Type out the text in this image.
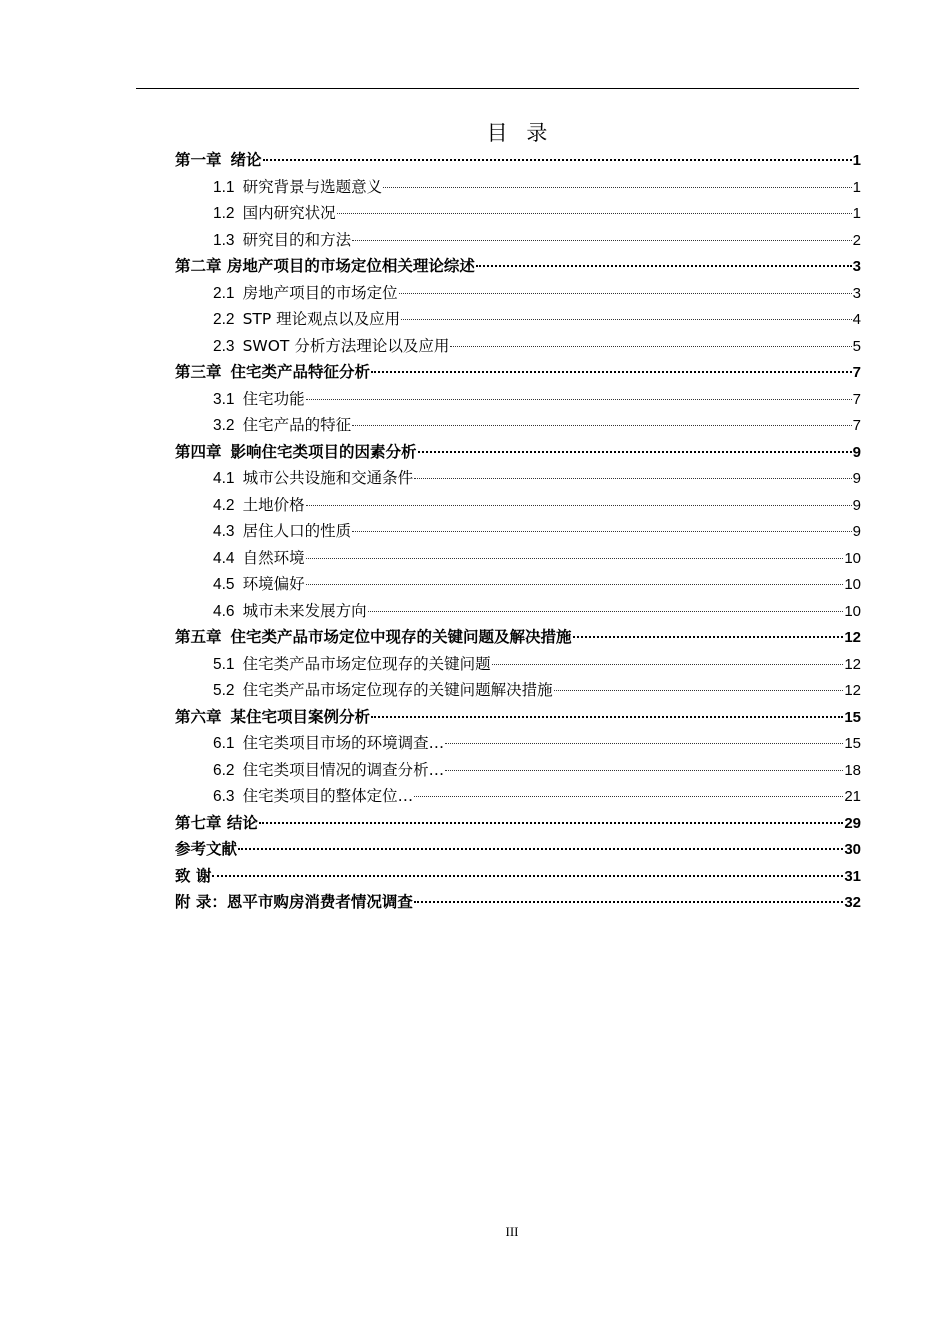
目 录
第一章 绪论	1
1.1 研究背景与选题意义	1
1.2 国内研究状况	1
1.3 研究目的和方法	2
第二章 房地产项目的市场定位相关理论综述	3
2.1 房地产项目的市场定位	3
2.2 STP 理论观点以及应用	4
2.3 SWOT 分析方法理论以及应用	5
第三章 住宅类产品特征分析	7
3.1 住宅功能	7
3.2 住宅产品的特征	7
第四章 影响住宅类项目的因素分析	9
4.1 城市公共设施和交通条件	9
4.2 土地价格	9
4.3 居住人口的性质	9
4.4 自然环境	10
4.5 环境偏好	10
4.6 城市未来发展方向	10
第五章 住宅类产品市场定位中现存的关键问题及解决措施	12
5.1 住宅类产品市场定位现存的关键问题	12
5.2 住宅类产品市场定位现存的关键问题解决措施	12
第六章 某住宅项目案例分析	15
6.1 住宅类项目市场的环境调查…	15
6.2 住宅类项目情况的调查分析…	18
6.3 住宅类项目的整体定位…	21
第七章 结论	29
参考文献	30
致 谢	31
附 录：恩平市购房消费者情况调查	32
III
